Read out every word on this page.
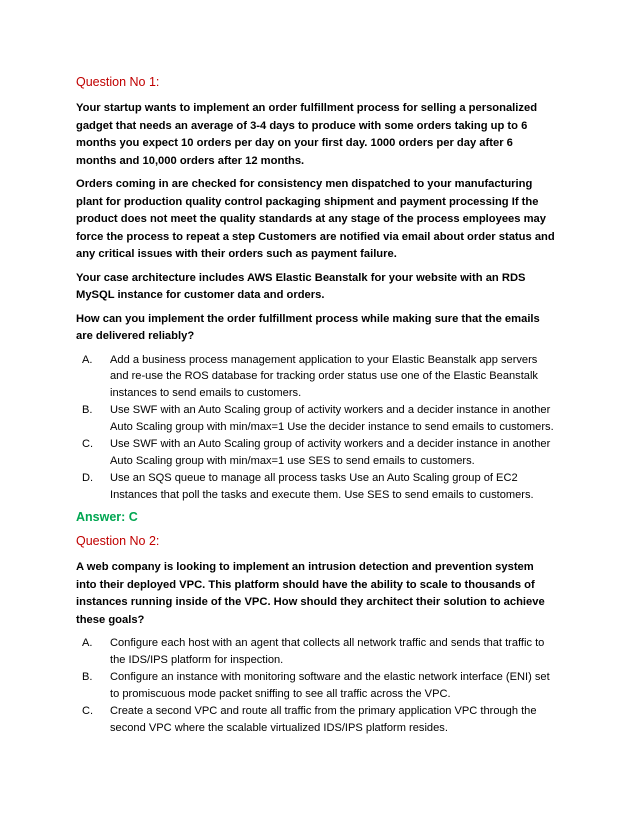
Question No 1:

Your startup wants to implement an order fulfillment process for selling a personalized gadget that needs an average of 3-4 days to produce with some orders taking up to 6 months you expect 10 orders per day on your first day. 1000 orders per day after 6 months and 10,000 orders after 12 months.

Orders coming in are checked for consistency men dispatched to your manufacturing plant for production quality control packaging shipment and payment processing If the product does not meet the quality standards at any stage of the process employees may force the process to repeat a step Customers are notified via email about order status and any critical issues with their orders such as payment failure.

Your case architecture includes AWS Elastic Beanstalk for your website with an RDS MySQL instance for customer data and orders.

How can you implement the order fulfillment process while making sure that the emails are delivered reliably?

A.	Add a business process management application to your Elastic Beanstalk app servers and re-use the ROS database for tracking order status use one of the Elastic Beanstalk instances to send emails to customers.
B.	Use SWF with an Auto Scaling group of activity workers and a decider instance in another Auto Scaling group with min/max=1 Use the decider instance to send emails to customers.
C.	Use SWF with an Auto Scaling group of activity workers and a decider instance in another Auto Scaling group with min/max=1 use SES to send emails to customers.
D.	Use an SQS queue to manage all process tasks Use an Auto Scaling group of EC2 Instances that poll the tasks and execute them. Use SES to send emails to customers.
Answer: C
Question No 2:

A web company is looking to implement an intrusion detection and prevention system into their deployed VPC. This platform should have the ability to scale to thousands of instances running inside of the VPC. How should they architect their solution to achieve these goals?

A.	Configure each host with an agent that collects all network traffic and sends that traffic to the IDS/IPS platform for inspection.
B.	Configure an instance with monitoring software and the elastic network interface (ENI) set to promiscuous mode packet sniffing to see all traffic across the VPC.
C.	Create a second VPC and route all traffic from the primary application VPC through the second VPC where the scalable virtualized IDS/IPS platform resides.
